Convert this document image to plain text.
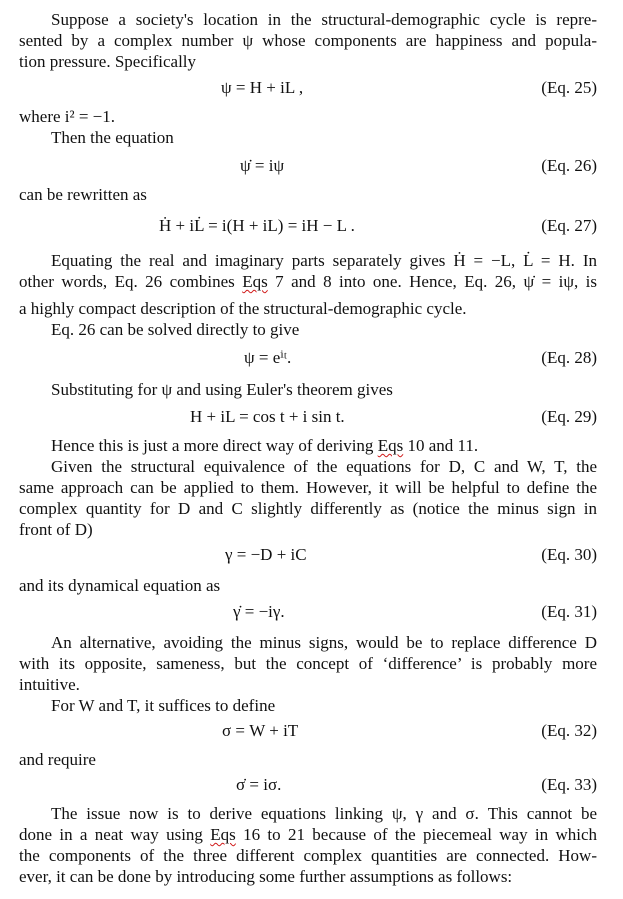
Suppose a society's location in the structural-demographic cycle is repre-
sented by a complex number ψ whose components are happiness and popula-
tion pressure. Specifically
ψ = H + iL ,	(Eq. 25)
where i² = −1.
Then the equation
ψ̇ = iψ	(Eq. 26)
can be rewritten as
Ḣ + iL̇ = i(H + iL) = iH − L .	(Eq. 27)
Equating the real and imaginary parts separately gives Ḣ = −L, L̇ = H. In
other words, Eq. 26 combines Eqs 7 and 8 into one. Hence, Eq. 26, ψ̇ = iψ, is
a highly compact description of the structural-demographic cycle.
Eq. 26 can be solved directly to give
ψ = eⁱᵗ.	(Eq. 28)
Substituting for ψ and using Euler's theorem gives
H + iL = cos t + i sin t.	(Eq. 29)
Hence this is just a more direct way of deriving Eqs 10 and 11.
Given the structural equivalence of the equations for D, C and W, T, the
same approach can be applied to them. However, it will be helpful to define the
complex quantity for D and C slightly differently as (notice the minus sign in
front of D)
γ = −D + iC	(Eq. 30)
and its dynamical equation as
γ̇ = −iγ.	(Eq. 31)
An alternative, avoiding the minus signs, would be to replace difference D
with its opposite, sameness, but the concept of ‘difference’ is probably more
intuitive.
For W and T, it suffices to define
σ = W + iT	(Eq. 32)
and require
σ̇ = iσ.	(Eq. 33)
The issue now is to derive equations linking ψ, γ and σ. This cannot be
done in a neat way using Eqs 16 to 21 because of the piecemeal way in which
the components of the three different complex quantities are connected. How-
ever, it can be done by introducing some further assumptions as follows:
